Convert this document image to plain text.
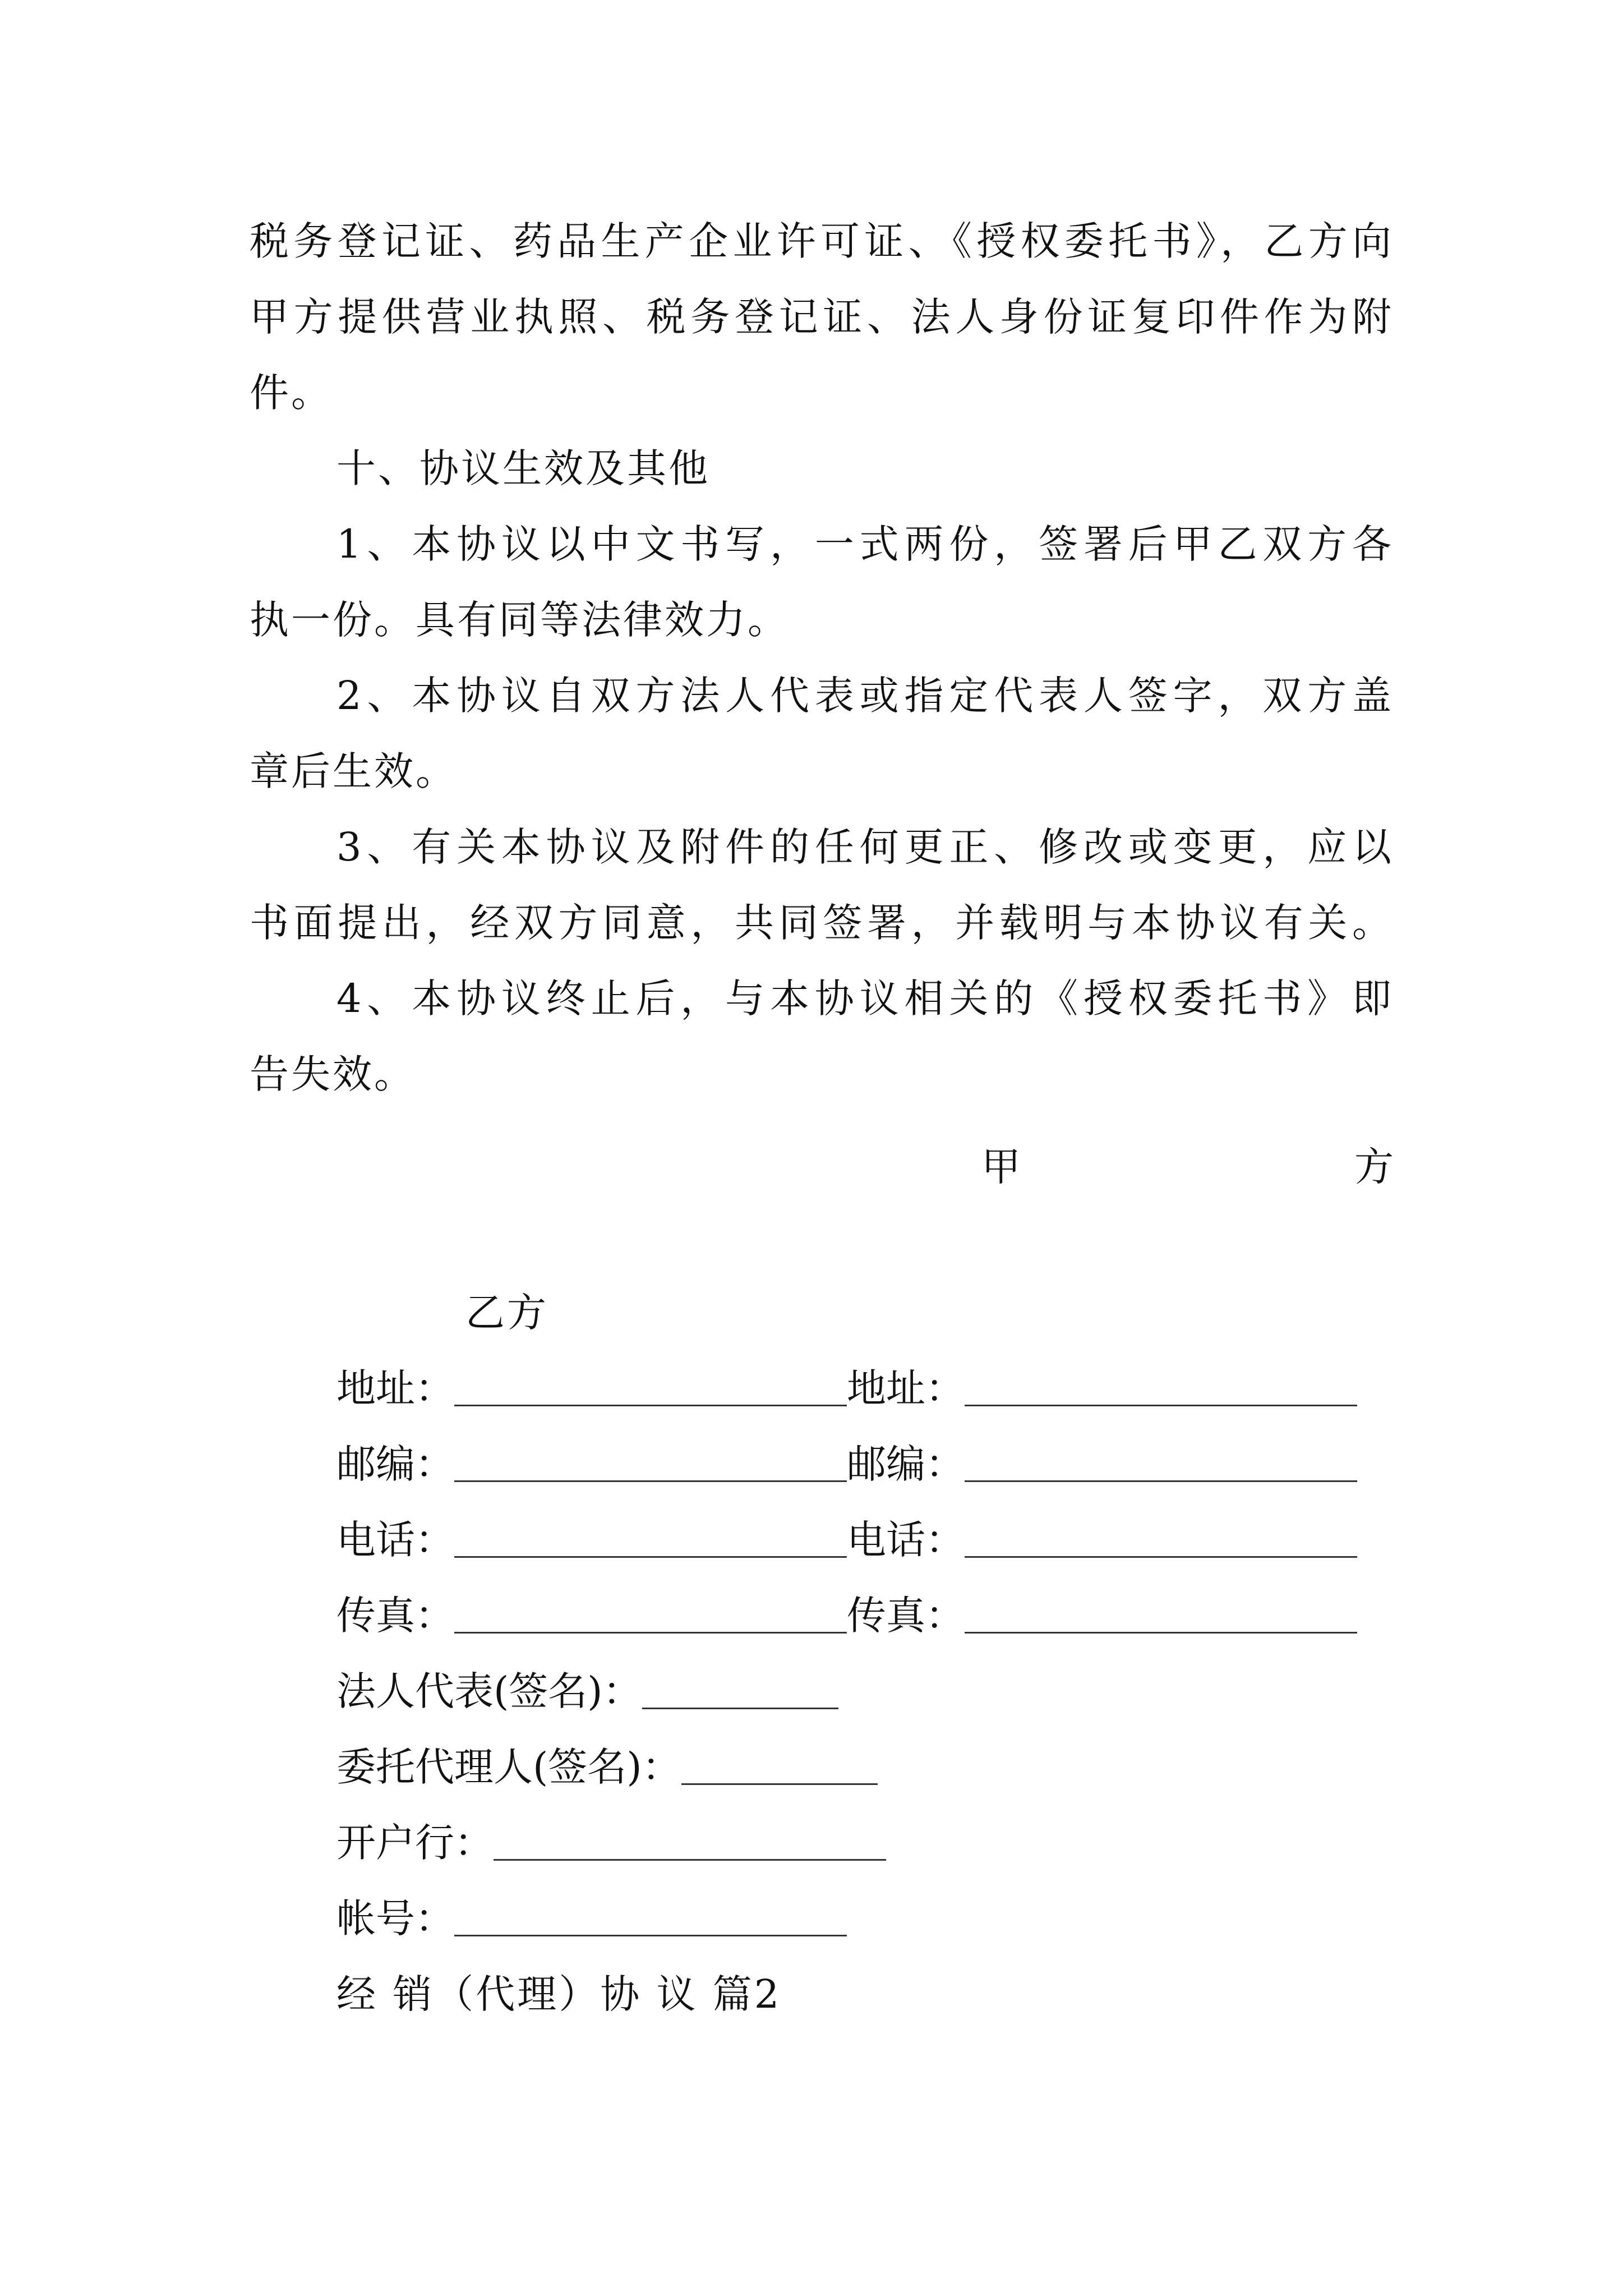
税务登记证、药品生产企业许可证、《授权委托书》，乙方向
甲方提供营业执照、税务登记证、法人身份证复印件作为附
件。
十、协议生效及其他
1、本协议以中文书写，一式两份，签署后甲乙双方各
执一份。具有同等法律效力。
2、本协议自双方法人代表或指定代表人签字，双方盖
章后生效。
3、有关本协议及附件的任何更正、修改或变更，应以
书面提出，经双方同意，共同签署，并载明与本协议有关。
4、本协议终止后，与本协议相关的《授权委托书》即
告失效。
甲	方
乙方
地址：	地址：
邮编：	邮编：
电话：	电话：
传真：	传真：
法人代表(签名)：
委托代理人(签名)：
开户行：
帐号：
经 销（代理）协 议 篇2
